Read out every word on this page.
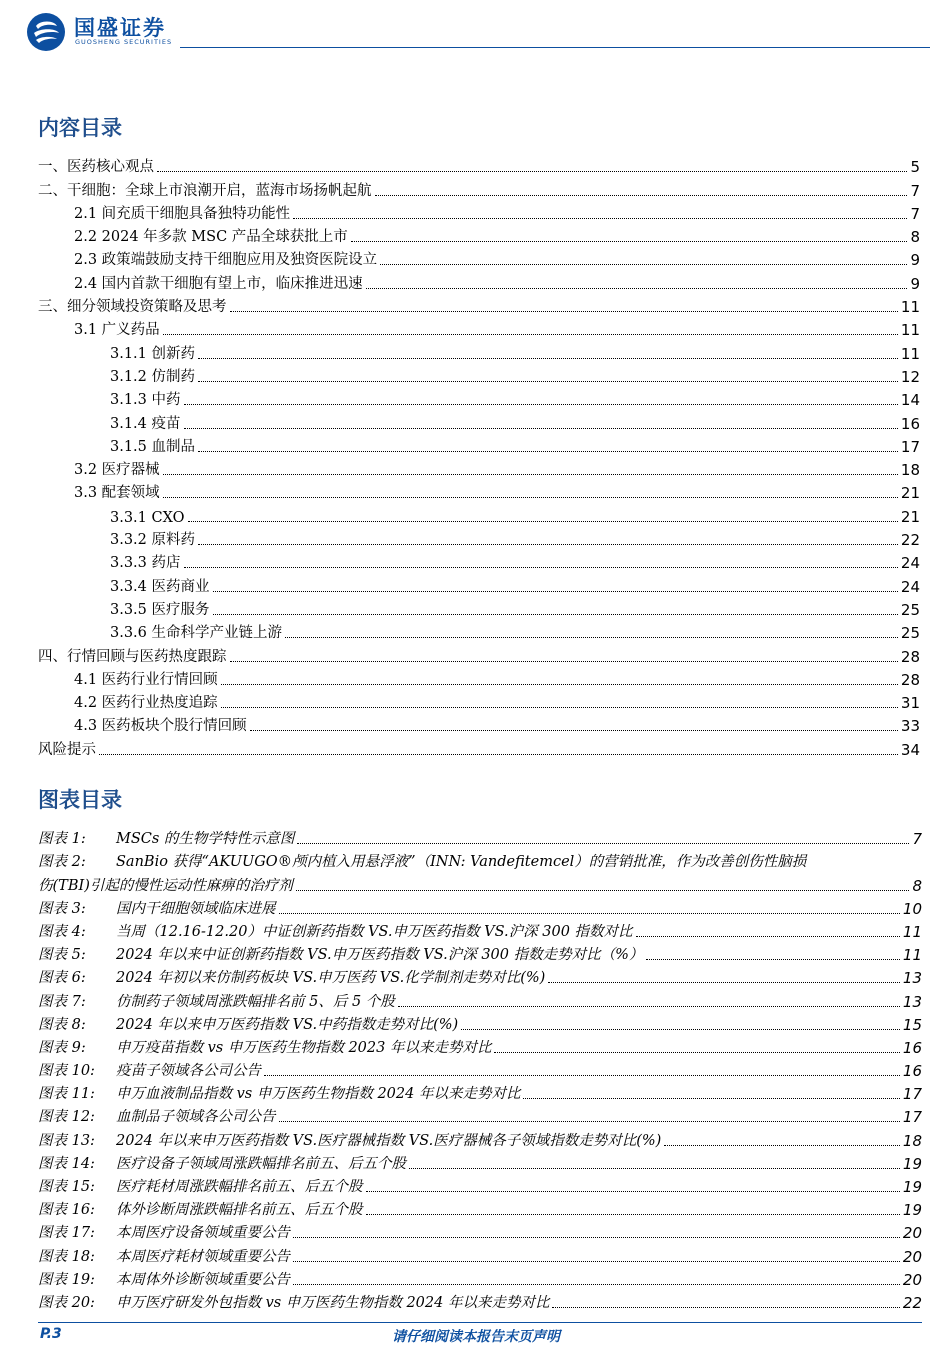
国盛证券
GUOSHENG SECURITIES
内容目录
一、医药核心观点	5
二、干细胞：全球上市浪潮开启，蓝海市场扬帆起航	7
2.1 间充质干细胞具备独特功能性	7
2.2 2024 年多款 MSC 产品全球获批上市	8
2.3 政策端鼓励支持干细胞应用及独资医院设立	9
2.4 国内首款干细胞有望上市，临床推进迅速	9
三、细分领域投资策略及思考	11
3.1 广义药品	11
3.1.1 创新药	11
3.1.2 仿制药	12
3.1.3 中药	14
3.1.4 疫苗	16
3.1.5 血制品	17
3.2 医疗器械	18
3.3 配套领域	21
3.3.1 CXO	21
3.3.2 原料药	22
3.3.3 药店	24
3.3.4 医药商业	24
3.3.5 医疗服务	25
3.3.6 生命科学产业链上游	25
四、行情回顾与医药热度跟踪	28
4.1 医药行业行情回顾	28
4.2 医药行业热度追踪	31
4.3 医药板块个股行情回顾	33
风险提示	34
图表目录
图表 1:	MSCs 的生物学特性示意图	7
图表 2:	SanBio 获得“AKUUGO®颅内植入用悬浮液”（INN: Vandefitemcel）的营销批准，作为改善创伤性脑损
伤(TBI)引起的慢性运动性麻痹的治疗剂	8
图表 3:	国内干细胞领域临床进展	10
图表 4:	当周（12.16-12.20）中证创新药指数 VS.申万医药指数 VS.沪深 300 指数对比	11
图表 5:	2024 年以来中证创新药指数 VS.申万医药指数 VS.沪深 300 指数走势对比（%）	11
图表 6:	2024 年初以来仿制药板块 VS.申万医药 VS.化学制剂走势对比(%)	13
图表 7:	仿制药子领域周涨跌幅排名前 5、后 5 个股	13
图表 8:	2024 年以来申万医药指数 VS.中药指数走势对比(%)	15
图表 9:	申万疫苗指数 vs 申万医药生物指数 2023 年以来走势对比	16
图表 10:	疫苗子领域各公司公告	16
图表 11:	申万血液制品指数 vs 申万医药生物指数 2024 年以来走势对比	17
图表 12:	血制品子领域各公司公告	17
图表 13:	2024 年以来申万医药指数 VS.医疗器械指数 VS.医疗器械各子领域指数走势对比(%)	18
图表 14:	医疗设备子领域周涨跌幅排名前五、后五个股	19
图表 15:	医疗耗材周涨跌幅排名前五、后五个股	19
图表 16:	体外诊断周涨跌幅排名前五、后五个股	19
图表 17:	本周医疗设备领域重要公告	20
图表 18:	本周医疗耗材领域重要公告	20
图表 19:	本周体外诊断领域重要公告	20
图表 20:	申万医疗研发外包指数 vs 申万医药生物指数 2024 年以来走势对比	22
P.3	请仔细阅读本报告末页声明
